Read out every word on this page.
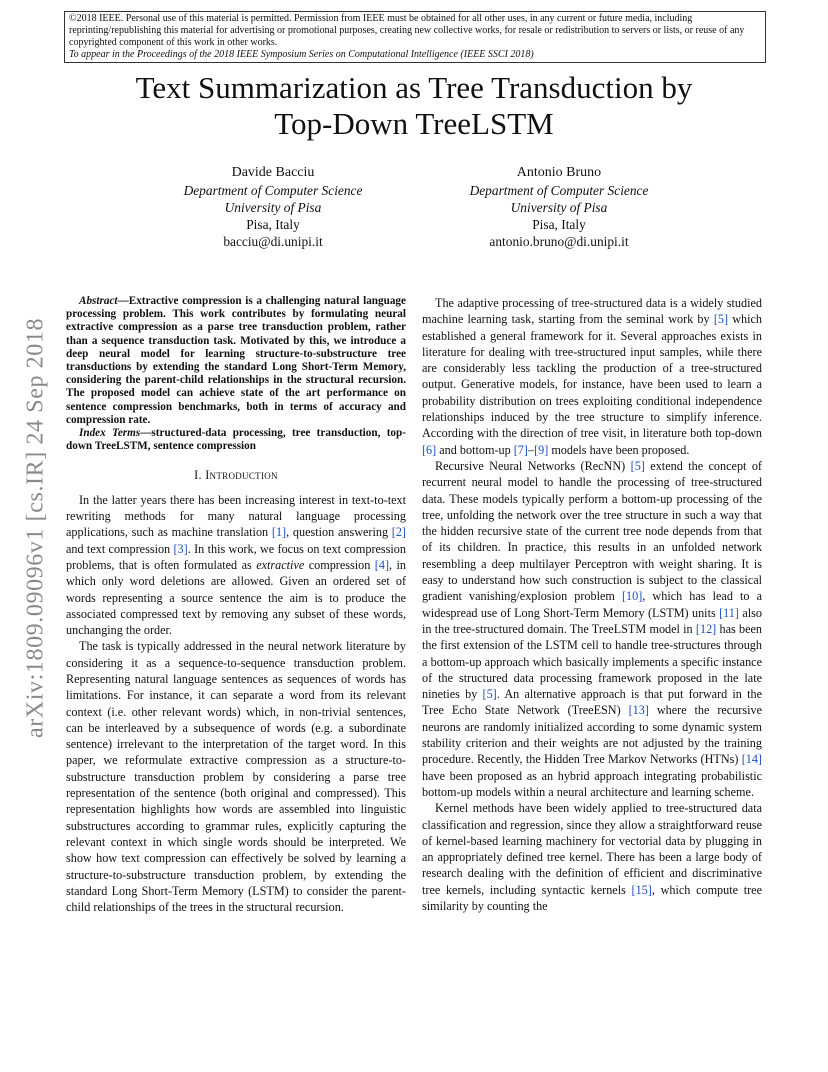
©2018 IEEE. Personal use of this material is permitted. Permission from IEEE must be obtained for all other uses, in any current or future media, including reprinting/republishing this material for advertising or promotional purposes, creating new collective works, for resale or redistribution to servers or lists, or reuse of any copyrighted component of this work in other works.
To appear in the Proceedings of the 2018 IEEE Symposium Series on Computational Intelligence (IEEE SSCI 2018)
Text Summarization as Tree Transduction by
Top-Down TreeLSTM
Davide Bacciu
Department of Computer Science
University of Pisa
Pisa, Italy
bacciu@di.unipi.it
Antonio Bruno
Department of Computer Science
University of Pisa
Pisa, Italy
antonio.bruno@di.unipi.it
arXiv:1809.09096v1 [cs.IR] 24 Sep 2018

Abstract—Extractive compression is a challenging natural language processing problem. This work contributes by formulating neural extractive compression as a parse tree transduction problem, rather than a sequence transduction task. Motivated by this, we introduce a deep neural model for learning structure-to-substructure tree transductions by extending the standard Long Short-Term Memory, considering the parent-child relationships in the structural recursion. The proposed model can achieve state of the art performance on sentence compression benchmarks, both in terms of accuracy and compression rate.

Index Terms—structured-data processing, tree transduction, top-down TreeLSTM, sentence compression

I. Introduction

In the latter years there has been increasing interest in text-to-text rewriting methods for many natural language processing applications, such as machine translation [1], question answering [2] and text compression [3]. In this work, we focus on text compression problems, that is often formulated as extractive compression [4], in which only word deletions are allowed. Given an ordered set of words representing a source sentence the aim is to produce the associated compressed text by removing any subset of these words, unchanging the order.

The task is typically addressed in the neural network literature by considering it as a sequence-to-sequence transduction problem. Representing natural language sentences as sequences of words has limitations. For instance, it can separate a word from its relevant context (i.e. other relevant words) which, in non-trivial sentences, can be interleaved by a subsequence of words (e.g. a subordinate sentence) irrelevant to the interpretation of the target word. In this paper, we reformulate extractive compression as a structure-to-substructure transduction problem by considering a parse tree representation of the sentence (both original and compressed). This representation highlights how words are assembled into linguistic substructures according to grammar rules, explicitly capturing the relevant context in which single words should be interpreted. We show how text compression can effectively be solved by learning a structure-to-substructure transduction problem, by extending the standard Long Short-Term Memory (LSTM) to consider the parent-child relationships of the trees in the structural recursion.

The adaptive processing of tree-structured data is a widely studied machine learning task, starting from the seminal work by [5] which established a general framework for it. Several approaches exists in literature for dealing with tree-structured input samples, while there are considerably less tackling the production of a tree-structured output. Generative models, for instance, have been used to learn a probability distribution on trees exploiting conditional independence relationships induced by the tree structure to simplify inference. According with the direction of tree visit, in literature both top-down [6] and bottom-up [7]–[9] models have been proposed.

Recursive Neural Networks (RecNN) [5] extend the concept of recurrent neural model to handle the processing of tree-structured data. These models typically perform a bottom-up processing of the tree, unfolding the network over the tree structure in such a way that the hidden recursive state of the current tree node depends from that of its children. In practice, this results in an unfolded network resembling a deep multilayer Perceptron with weight sharing. It is easy to understand how such construction is subject to the classical gradient vanishing/explosion problem [10], which has lead to a widespread use of Long Short-Term Memory (LSTM) units [11] also in the tree-structured domain. The TreeLSTM model in [12] has been the first extension of the LSTM cell to handle tree-structures through a bottom-up approach which basically implements a specific instance of the structured data processing framework proposed in the late nineties by [5]. An alternative approach is that put forward in the Tree Echo State Network (TreeESN) [13] where the recursive neurons are randomly initialized according to some dynamic system stability criterion and their weights are not adjusted by the training procedure. Recently, the Hidden Tree Markov Networks (HTNs) [14] have been proposed as an hybrid approach integrating probabilistic bottom-up models within a neural architecture and learning scheme.

Kernel methods have been widely applied to tree-structured data classification and regression, since they allow a straightforward reuse of kernel-based learning machinery for vectorial data by plugging in an appropriately defined tree kernel. There has been a large body of research dealing with the definition of efficient and discriminative tree kernels, including syntactic kernels [15], which compute tree similarity by counting the
